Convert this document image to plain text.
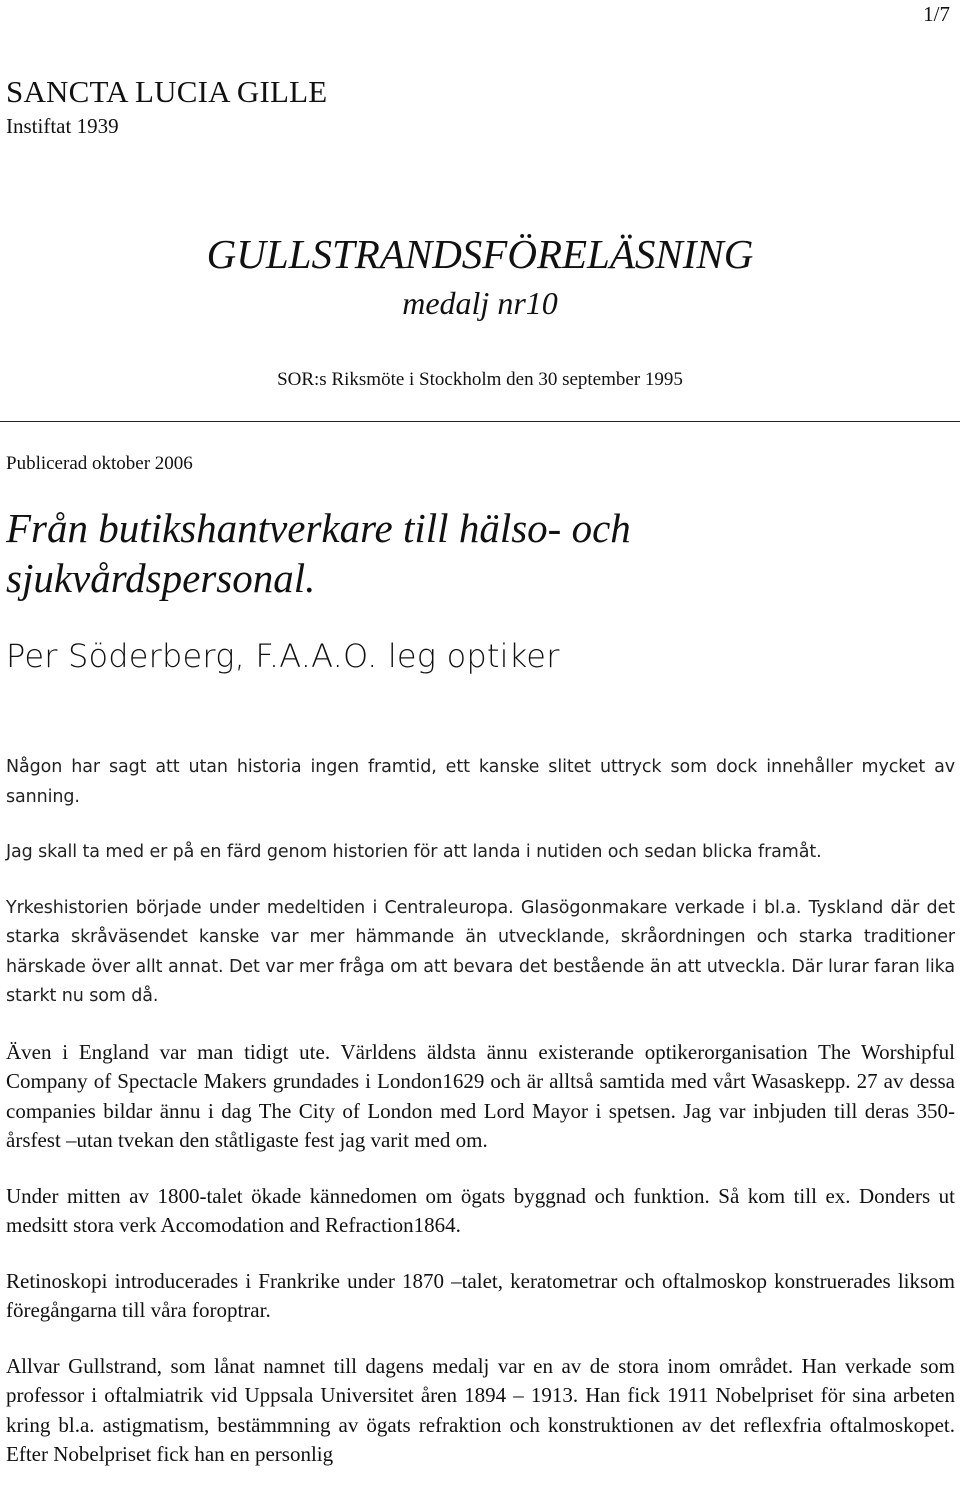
1/7
SANCTA LUCIA GILLE
Instiftat 1939
GULLSTRANDSFÖRELÄSNING
medalj nr10
SOR:s Riksmöte i Stockholm den 30 september 1995
Publicerad oktober 2006
Från butikshantverkare till hälso- och sjukvårdspersonal.
Per Söderberg, F.A.A.O. leg optiker

Någon har sagt att utan historia ingen framtid, ett kanske slitet uttryck som dock innehåller mycket av sanning.

Jag skall ta med er på en färd genom historien för att landa i nutiden och sedan blicka framåt.

Yrkeshistorien började under medeltiden i Centraleuropa. Glasögonmakare verkade i bl.a. Tyskland där det starka skråväsendet kanske var mer hämmande än utvecklande, skråordningen och starka traditioner härskade över allt annat. Det var mer fråga om att bevara det bestående än att utveckla. Där lurar faran lika starkt nu som då.

Även i England var man tidigt ute. Världens äldsta ännu existerande optikerorganisation The Worshipful Company of Spectacle Makers grundades i London1629 och är alltså samtida med vårt Wasaskepp. 27 av dessa companies bildar ännu i dag The City of London med Lord Mayor i spetsen. Jag var inbjuden till deras 350-årsfest –utan tvekan den ståtligaste fest jag varit med om.

Under mitten av 1800-talet ökade kännedomen om ögats byggnad och funktion. Så kom till ex. Donders ut medsitt stora verk Accomodation and Refraction1864.

Retinoskopi introducerades i Frankrike under 1870 –talet, keratometrar och oftalmoskop konstruerades liksom föregångarna till våra foroptrar.

Allvar Gullstrand, som lånat namnet till dagens medalj var en av de stora inom området. Han verkade som professor i oftalmiatrik vid Uppsala Universitet åren 1894 – 1913. Han fick 1911 Nobelpriset för sina arbeten kring bl.a. astigmatism, bestämmning av ögats refraktion och konstruktionen av det reflexfria oftalmoskopet. Efter Nobelpriset fick han en personlig
